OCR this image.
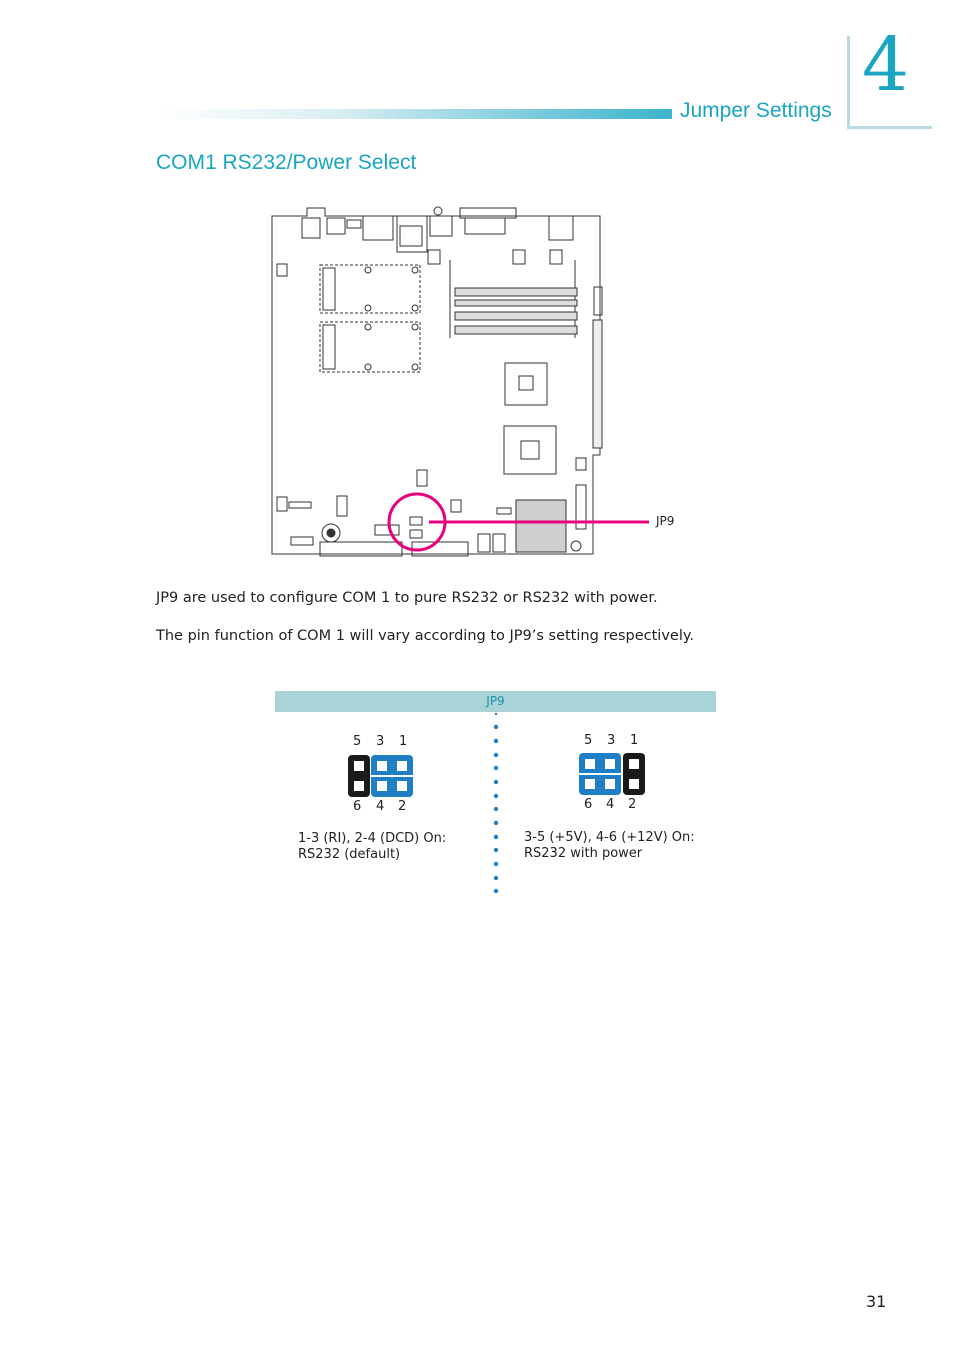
4
Jumper Settings
COM1 RS232/Power Select
JP9
JP9 are used to configure COM 1 to pure RS232 or RS232 with power.
The pin function of COM 1 will vary according to JP9’s setting respectively.
JP9
5 3 1
6 4 2
1-3 (RI), 2-4 (DCD) On:
RS232 (default)
5 3 1
6 4 2
3-5 (+5V), 4-6 (+12V) On:
RS232 with power
31
